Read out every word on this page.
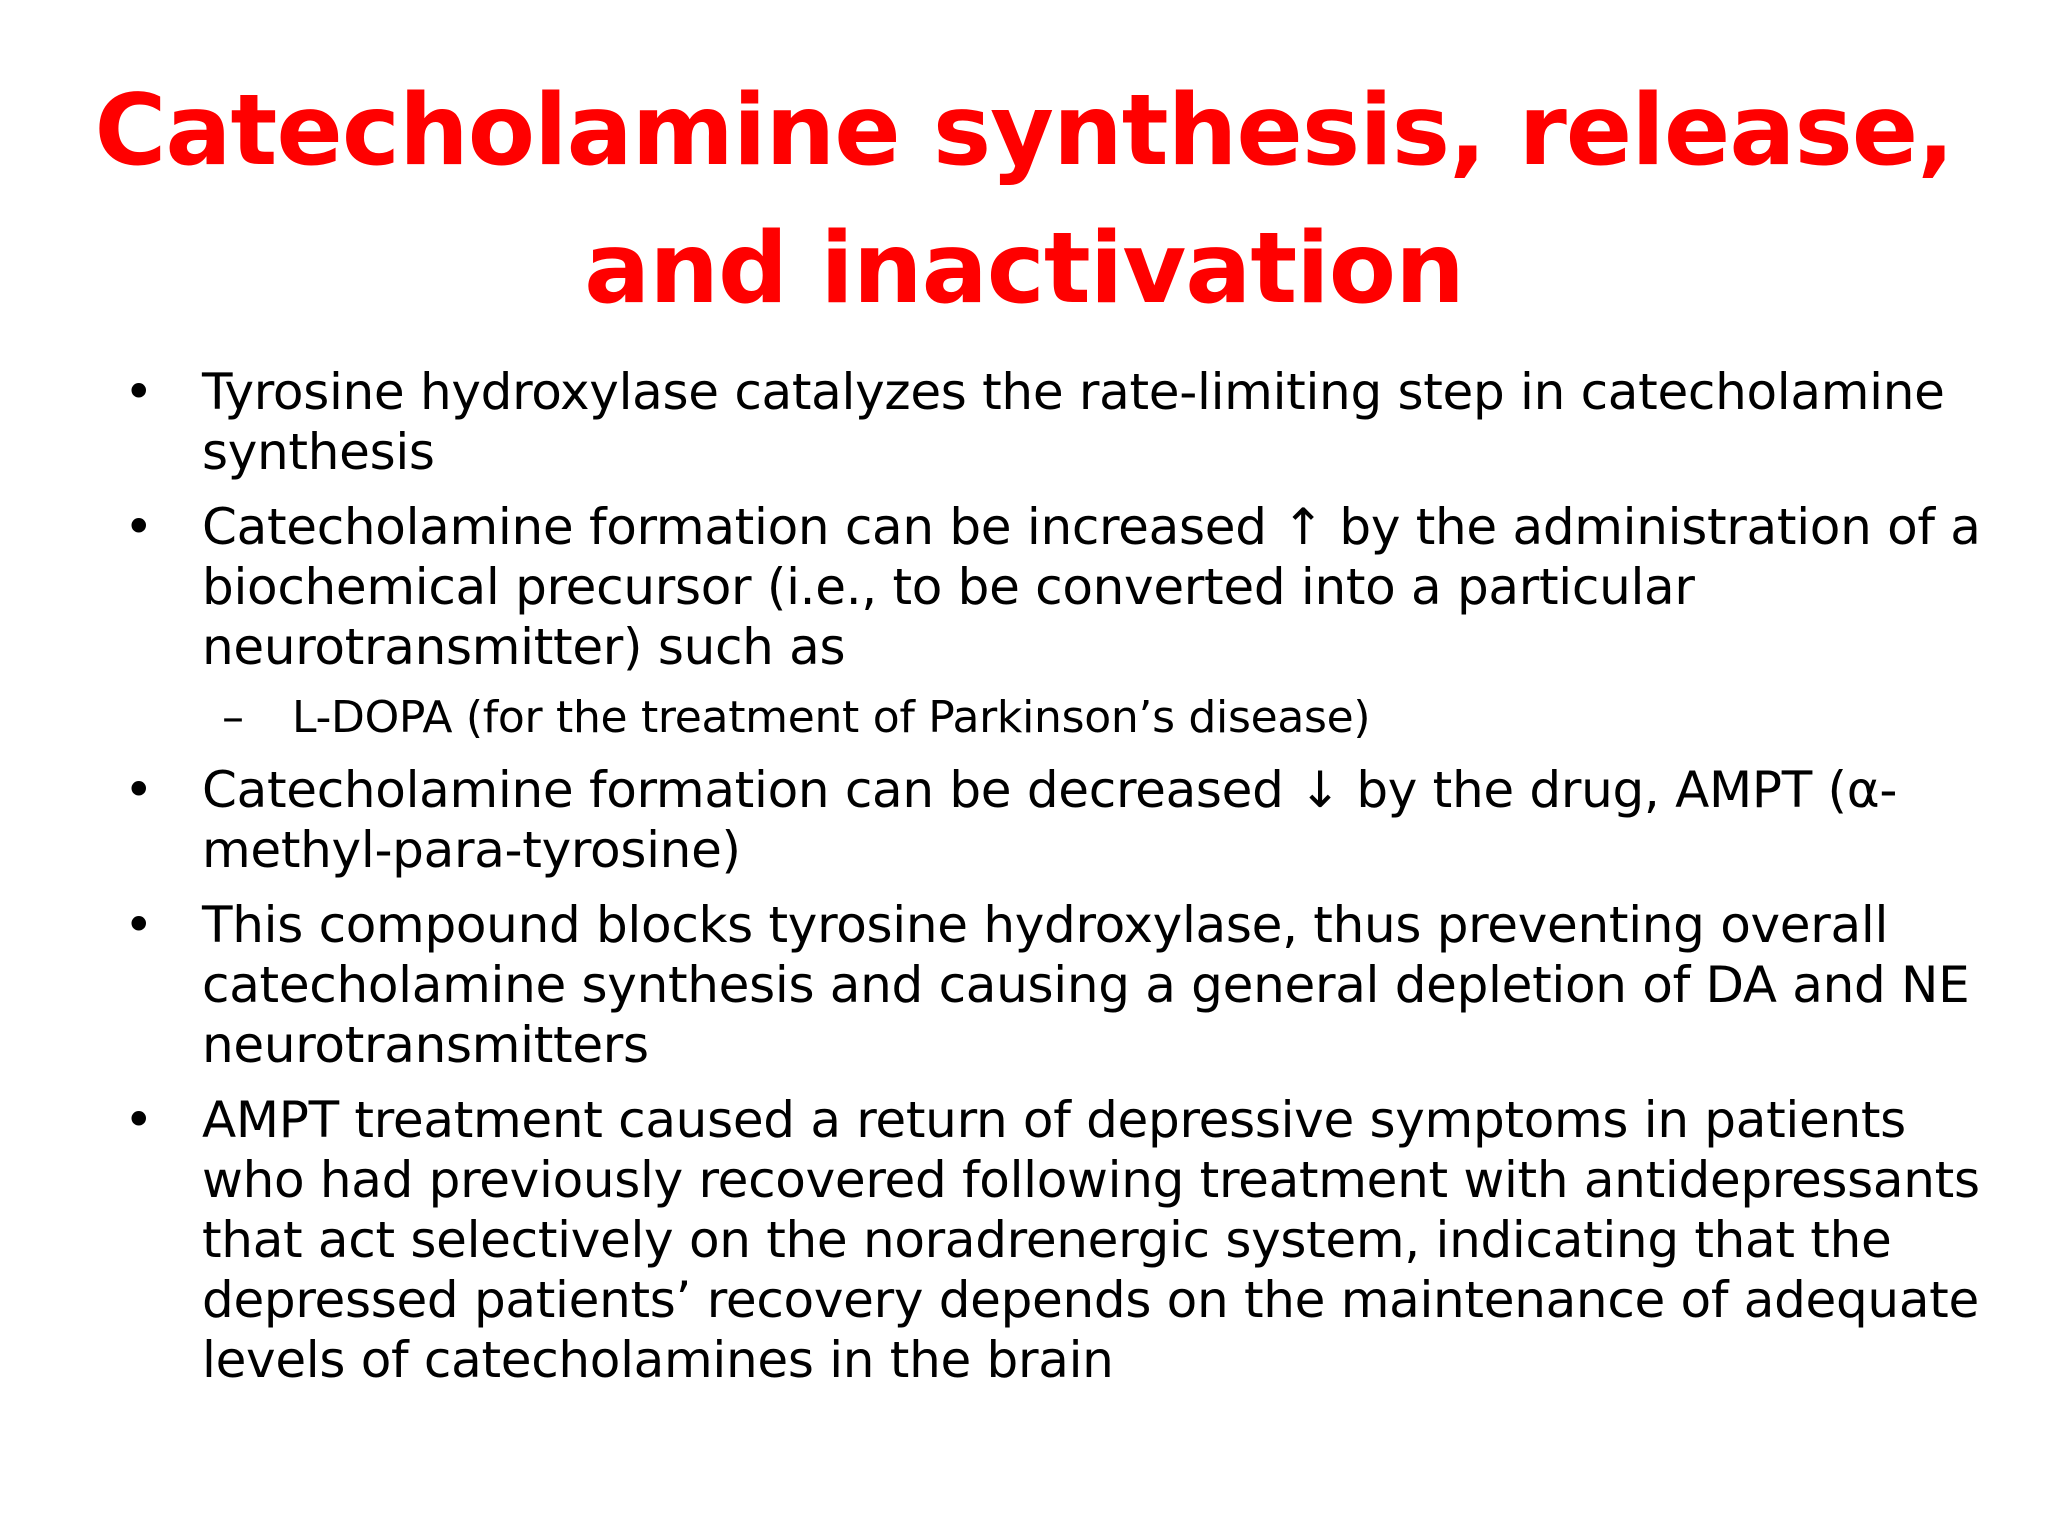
Catecholamine synthesis, release, and inactivation
• Tyrosine hydroxylase catalyzes the rate-limiting step in catecholamine synthesis
• Catecholamine formation can be increased ↑ by the administration of a biochemical precursor (i.e., to be converted into a particular neurotransmitter) such as
– L-DOPA (for the treatment of Parkinson’s disease)
• Catecholamine formation can be decreased ↓ by the drug, AMPT (α-methyl-para-tyrosine)
• This compound blocks tyrosine hydroxylase, thus preventing overall catecholamine synthesis and causing a general depletion of DA and NE neurotransmitters
• AMPT treatment caused a return of depressive symptoms in patients who had previously recovered following treatment with antidepressants that act selectively on the noradrenergic system, indicating that the depressed patients’ recovery depends on the maintenance of adequate levels of catecholamines in the brain
